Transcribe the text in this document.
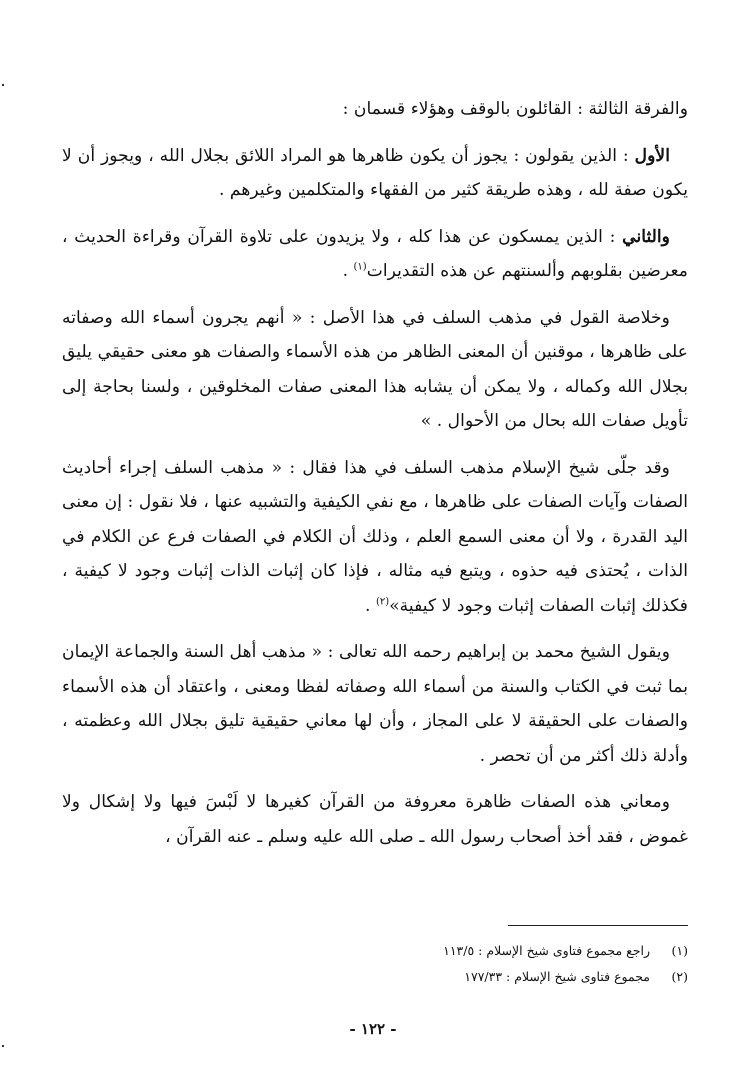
والفرقة الثالثة : القائلون بالوقف وهؤلاء قسمان :

الأول : الذين يقولون : يجوز أن يكون ظاهرها هو المراد اللائق بجلال الله ، ويجوز أن لا يكون صفة لله ، وهذه طريقة كثير من الفقهاء والمتكلمين وغيرهم .

والثاني : الذين يمسكون عن هذا كله ، ولا يزيدون على تلاوة القرآن وقراءة الحديث ، معرضين بقلوبهم وألسنتهم عن هذه التقديرات$^{(١)}$ .

وخلاصة القول في مذهب السلف في هذا الأصل : « أنهم يجرون أسماء الله وصفاته على ظاهرها ، موقنين أن المعنى الظاهر من هذه الأسماء والصفات هو معنى حقيقي يليق بجلال الله وكماله ، ولا يمكن أن يشابه هذا المعنى صفات المخلوقين ، ولسنا بحاجة إلى تأويل صفات الله بحال من الأحوال . »

وقد جلّى شيخ الإسلام مذهب السلف في هذا فقال : « مذهب السلف إجراء أحاديث الصفات وآيات الصفات على ظاهرها ، مع نفي الكيفية والتشبيه عنها ، فلا نقول : إن معنى اليد القدرة ، ولا أن معنى السمع العلم ، وذلك أن الكلام في الصفات فرع عن الكلام في الذات ، يُحتذى فيه حذوه ، ويتبع فيه مثاله ، فإذا كان إثبات الذات إثبات وجود لا كيفية ، فكذلك إثبات الصفات إثبات وجود لا كيفية»$^{(٢)}$ .

ويقول الشيخ محمد بن إبراهيم رحمه الله تعالى : « مذهب أهل السنة والجماعة الإيمان بما ثبت في الكتاب والسنة من أسماء الله وصفاته لفظا ومعنى ، واعتقاد أن هذه الأسماء والصفات على الحقيقة لا على المجاز ، وأن لها معاني حقيقية تليق بجلال الله وعظمته ، وأدلة ذلك أكثر من أن تحصر .

ومعاني هذه الصفات ظاهرة معروفة من القرآن كغيرها لا لَبْسَ فيها ولا إشكال ولا غموض ، فقد أخذ أصحاب رسول الله ـ صلى الله عليه وسلم ـ عنه القرآن ،

(١)
راجع مجموع فتاوى شيخ الإسلام : ١١٣/٥
(٢)
مجموع فتاوى شيخ الإسلام : ١٧٧/٣٣
- ١٢٢ -
